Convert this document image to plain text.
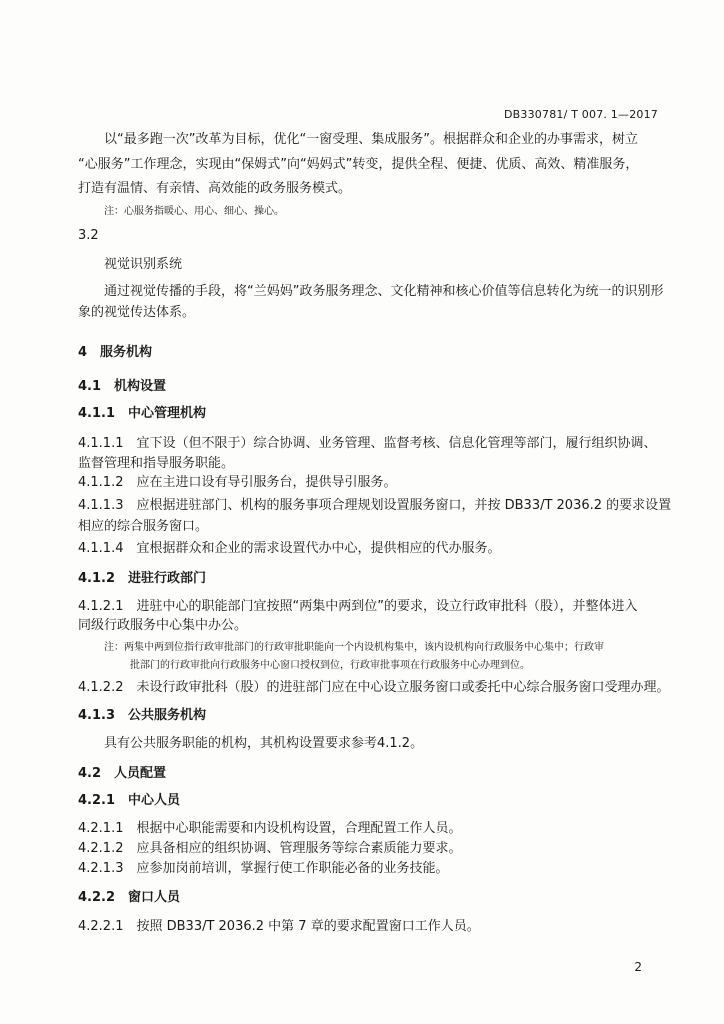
DB330781/ T 007. 1—2017
以“最多跑一次”改革为目标，优化“一窗受理、集成服务”。根据群众和企业的办事需求，树立
“心服务”工作理念，实现由“保姆式”向“妈妈式”转变，提供全程、便捷、优质、高效、精准服务，
打造有温情、有亲情、高效能的政务服务模式。
注：心服务指暖心、用心、细心、操心。
3.2
视觉识别系统
通过视觉传播的手段，将“兰妈妈”政务服务理念、文化精神和核心价值等信息转化为统一的识别形
象的视觉传达体系。
4　服务机构
4.1　机构设置
4.1.1　中心管理机构
4.1.1.1　宜下设（但不限于）综合协调、业务管理、监督考核、信息化管理等部门，履行组织协调、
监督管理和指导服务职能。
4.1.1.2　应在主进口设有导引服务台，提供导引服务。
4.1.1.3　应根据进驻部门、机构的服务事项合理规划设置服务窗口，并按 DB33/T 2036.2 的要求设置
相应的综合服务窗口。
4.1.1.4　宜根据群众和企业的需求设置代办中心，提供相应的代办服务。
4.1.2　进驻行政部门
4.1.2.1　进驻中心的职能部门宜按照“两集中两到位”的要求，设立行政审批科（股），并整体进入
同级行政服务中心集中办公。
注：两集中两到位指行政审批部门的行政审批职能向一个内设机构集中，该内设机构向行政服务中心集中；行政审
批部门的行政审批向行政服务中心窗口授权到位，行政审批事项在行政服务中心办理到位。
4.1.2.2　未设行政审批科（股）的进驻部门应在中心设立服务窗口或委托中心综合服务窗口受理办理。
4.1.3　公共服务机构
具有公共服务职能的机构，其机构设置要求参考4.1.2。
4.2　人员配置
4.2.1　中心人员
4.2.1.1　根据中心职能需要和内设机构设置，合理配置工作人员。
4.2.1.2　应具备相应的组织协调、管理服务等综合素质能力要求。
4.2.1.3　应参加岗前培训，掌握行使工作职能必备的业务技能。
4.2.2　窗口人员
4.2.2.1　按照 DB33/T 2036.2 中第 7 章的要求配置窗口工作人员。
2
